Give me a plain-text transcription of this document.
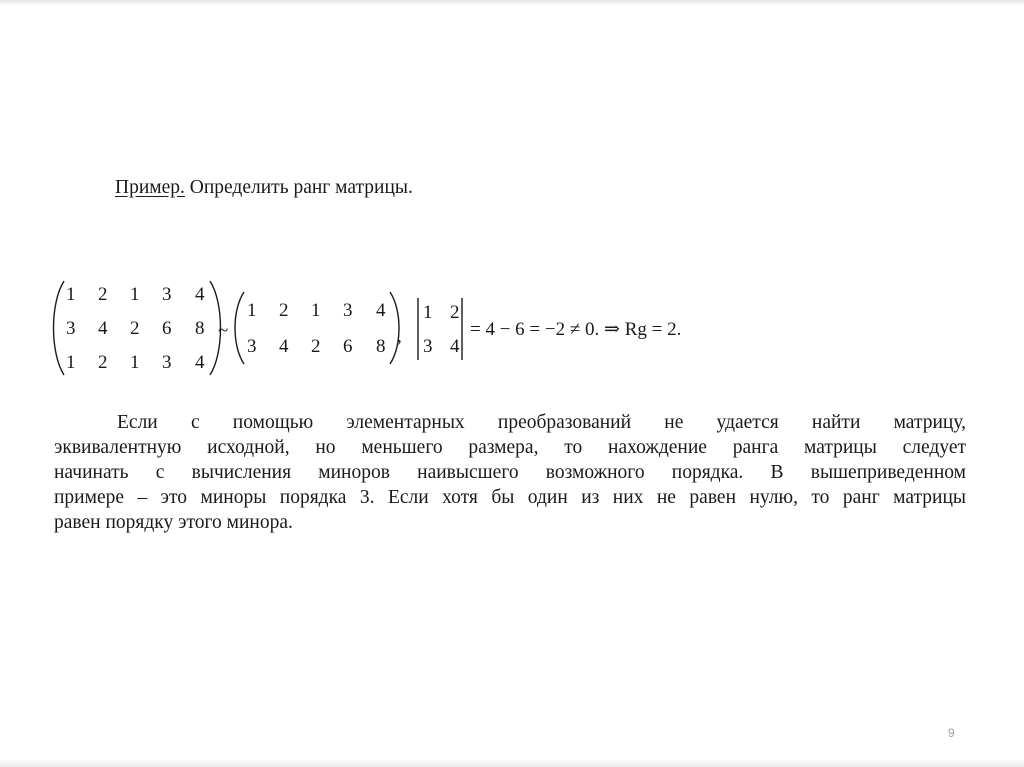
Пример. Определить ранг матрицы.
1 2 1 3 4
3 4 2 6 8
1 2 1 3 4
~
1 2 1 3 4
3 4 2 6 8 ,
1 2
3 4
= 4 − 6 = −2 ≠ 0. ⇒ Rg = 2.
Если с помощью элементарных преобразований не удается найти матрицу,
эквивалентную исходной, но меньшего размера, то нахождение ранга матрицы следует
начинать с вычисления миноров наивысшего возможного порядка. В вышеприведенном
примере – это миноры порядка 3. Если хотя бы один из них не равен нулю, то ранг матрицы
равен порядку этого минора.
9
